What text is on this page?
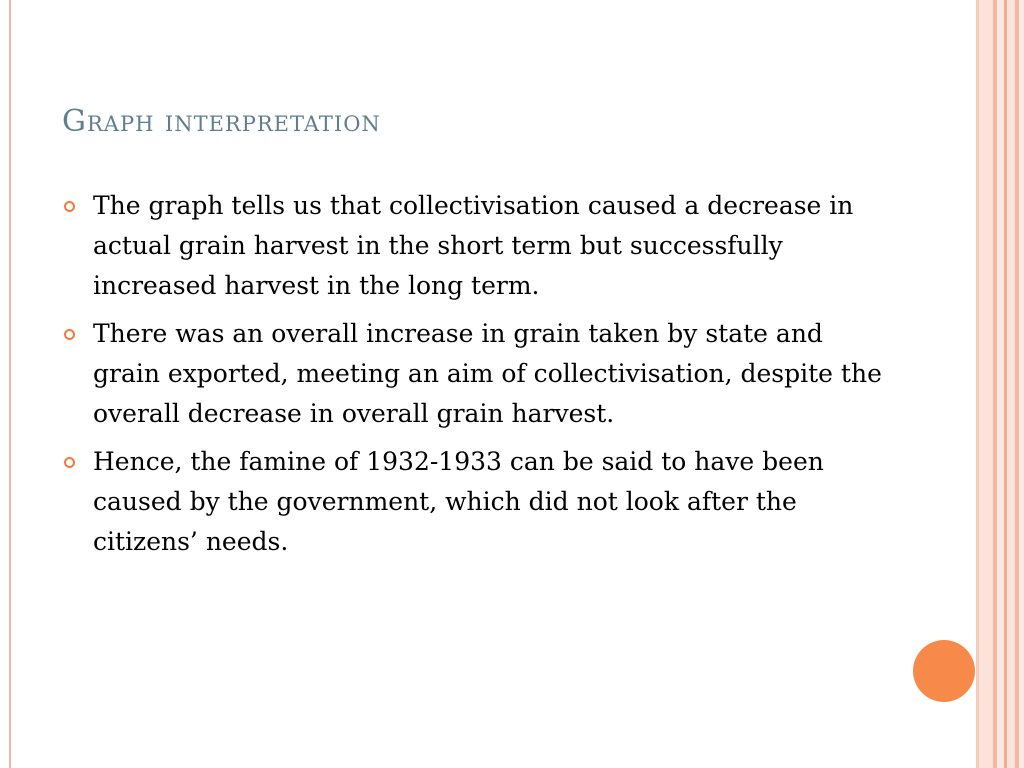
Graph interpretation
The graph tells us that collectivisation caused a decrease in actual grain harvest in the short term but successfully increased harvest in the long term.
There was an overall increase in grain taken by state and grain exported, meeting an aim of collectivisation, despite the overall decrease in overall grain harvest.
Hence, the famine of 1932-1933 can be said to have been caused by the government, which did not look after the citizens’ needs.
